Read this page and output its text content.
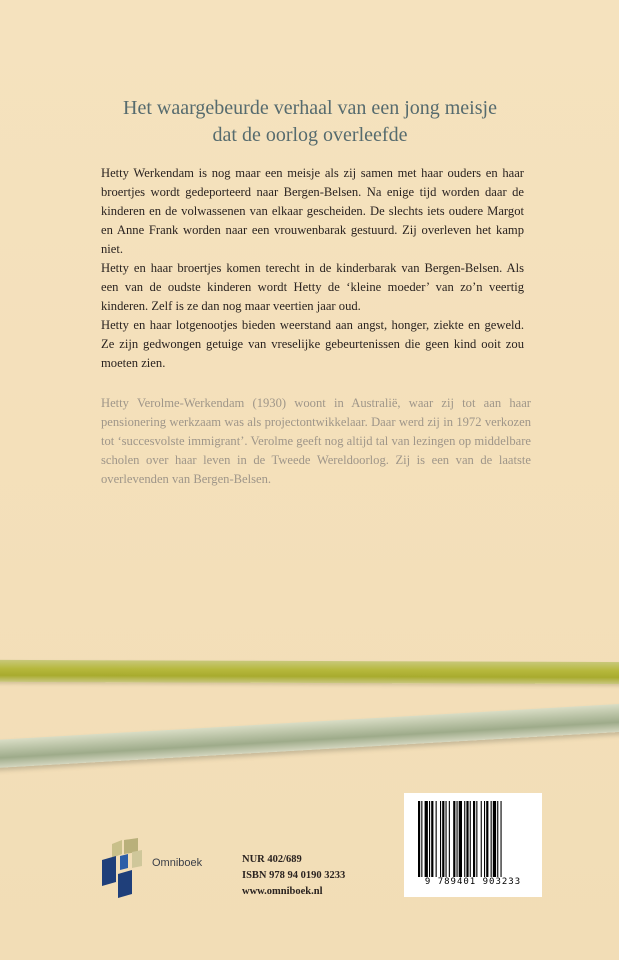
Het waargebeurde verhaal van een jong meisje
dat de oorlog overleefde

Hetty Werkendam is nog maar een meisje als zij samen met haar ouders en haar broertjes wordt gedeporteerd naar Bergen-Belsen. Na enige tijd worden daar de kinderen en de volwassenen van elkaar gescheiden. De slechts iets oudere Margot en Anne Frank worden naar een vrouwenbarak gestuurd. Zij overleven het kamp niet.

Hetty en haar broertjes komen terecht in de kinderbarak van Bergen-Belsen. Als een van de oudste kinderen wordt Hetty de ‘kleine moeder’ van zo’n veertig kinderen. Zelf is ze dan nog maar veertien jaar oud.

Hetty en haar lotgenootjes bieden weerstand aan angst, honger, ziekte en geweld. Ze zijn gedwongen getuige van vreselijke gebeurtenissen die geen kind ooit zou moeten zien.

Hetty Verolme-Werkendam (1930) woont in Australië, waar zij tot aan haar pensionering werkzaam was als projectontwikkelaar. Daar werd zij in 1972 verkozen tot ‘succesvolste immigrant’. Verolme geeft nog altijd tal van lezingen op middelbare scholen over haar leven in de Tweede Wereldoorlog. Zij is een van de laatste overlevenden van Bergen-Belsen.
Omniboek	NUR 402/689
ISBN 978 94 0190 3233
www.omniboek.nl
9 789401 903233
